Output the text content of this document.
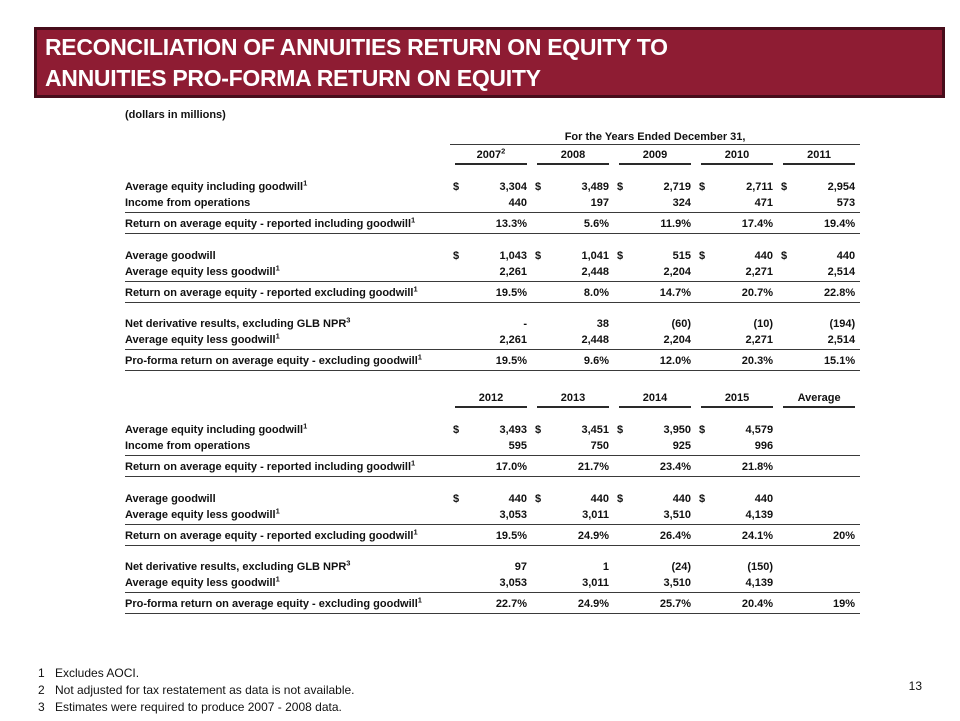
RECONCILIATION OF ANNUITIES RETURN ON EQUITY TO
ANNUITIES PRO-FORMA RETURN ON EQUITY
(dollars in millions)
	For the Years Ended December 31,									

	2007$^2$		2008		2009		2010		2011	

Average equity including goodwill$^1$	$	3,304	$	3,489	$	2,719	$	2,711	$	2,954
Income from operations		440		197		324		471		573
Return on average equity - reported including goodwill$^1$		13.3%		5.6%		11.9%		17.4%		19.4%

Average goodwill	$	1,043	$	1,041	$	515	$	440	$	440
Average equity less goodwill$^1$		2,261		2,448		2,204		2,271		2,514
Return on average equity - reported excluding goodwill$^1$		19.5%		8.0%		14.7%		20.7%		22.8%

Net derivative results, excluding GLB NPR$^3$		-		38		(60)		(10)		(194)
Average equity less goodwill$^1$		2,261		2,448		2,204		2,271		2,514
Pro-forma return on average equity - excluding goodwill$^1$		19.5%		9.6%		12.0%		20.3%		15.1%

	2012		2013		2014		2015		Average	

Average equity including goodwill$^1$	$	3,493	$	3,451	$	3,950	$	4,579		
Income from operations		595		750		925		996		
Return on average equity - reported including goodwill$^1$		17.0%		21.7%		23.4%		21.8%		

Average goodwill	$	440	$	440	$	440	$	440		
Average equity less goodwill$^1$		3,053		3,011		3,510		4,139		
Return on average equity - reported excluding goodwill$^1$		19.5%		24.9%		26.4%		24.1%		20%

Net derivative results, excluding GLB NPR$^3$		97		1		(24)		(150)		
Average equity less goodwill$^1$		3,053		3,011		3,510		4,139		
Pro-forma return on average equity - excluding goodwill$^1$		22.7%		24.9%		25.7%		20.4%		19%
1 Excludes AOCI.
2 Not adjusted for tax restatement as data is not available.
3 Estimates were required to produce 2007 - 2008 data.
13
